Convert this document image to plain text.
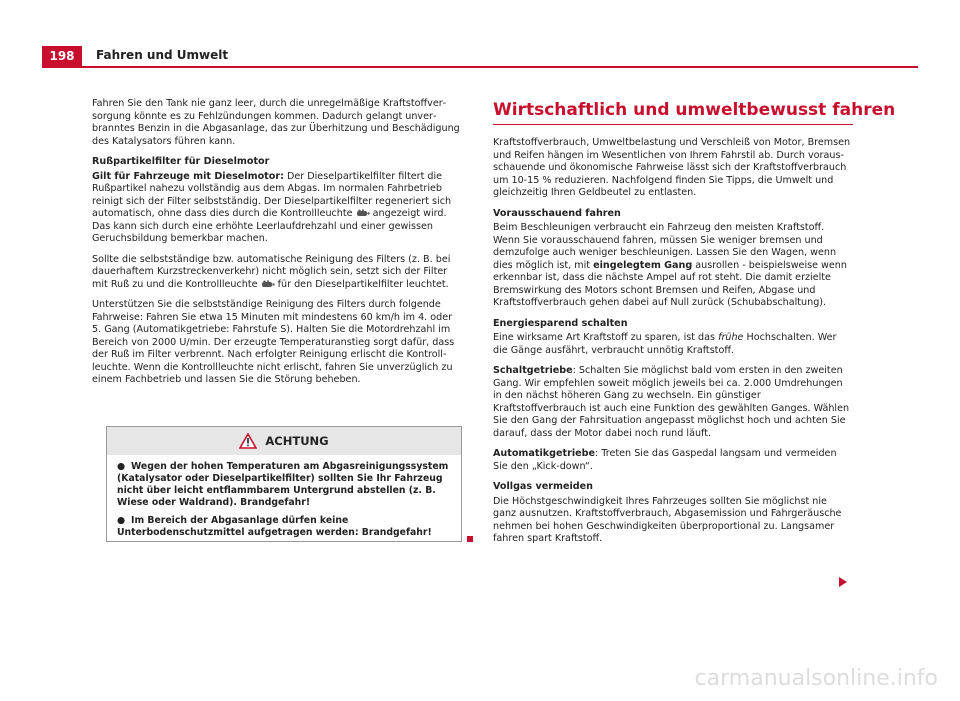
198	Fahren und Umwelt

Fahren Sie den Tank nie ganz leer, durch die unregelmäßige Kraftstoffversorgung könnte es zu Fehlzündungen kommen. Dadurch gelangt unverbranntes Benzin in die Abgasanlage, das zur Überhitzung und Beschädigung des Katalysators führen kann.

Rußpartikelfilter für Dieselmotor

Gilt für Fahrzeuge mit Dieselmotor: Der Dieselpartikelfilter filtert die Rußpartikel nahezu vollständig aus dem Abgas. Im normalen Fahrbetrieb reinigt sich der Filter selbstständig. Der Dieselpartikelfilter regeneriert sich automatisch, ohne dass dies durch die Kontrollleuchte  angezeigt wird. Das kann sich durch eine erhöhte Leerlaufdrehzahl und einer gewissen Geruchsbildung bemerkbar machen.

Sollte die selbstständige bzw. automatische Reinigung des Filters (z. B. bei dauerhaftem Kurzstreckenverkehr) nicht möglich sein, setzt sich der Filter mit Ruß zu und die Kontrollleuchte  für den Dieselpartikelfilter leuchtet.

Unterstützen Sie die selbstständige Reinigung des Filters durch folgende Fahrweise: Fahren Sie etwa 15 Minuten mit mindestens 60 km/h im 4. oder 5. Gang (Automatikgetriebe: Fahrstufe S). Halten Sie die Motordrehzahl im Bereich von 2000 U/min. Der erzeugte Temperaturanstieg sorgt dafür, dass der Ruß im Filter verbrennt. Nach erfolgter Reinigung erlischt die Kontrollleuchte. Wenn die Kontrollleuchte nicht erlischt, fahren Sie unverzüglich zu einem Fachbetrieb und lassen Sie die Störung beheben.

ACHTUNG

● Wegen der hohen Temperaturen am Abgasreinigungssystem (Katalysator oder Dieselpartikelfilter) sollten Sie Ihr Fahrzeug nicht über leicht entflammbarem Untergrund abstellen (z. B. Wiese oder Waldrand). Brandgefahr!

● Im Bereich der Abgasanlage dürfen keine Unterbodenschutzmittel aufgetragen werden: Brandgefahr!

Wirtschaftlich und umweltbewusst fahren

Kraftstoffverbrauch, Umweltbelastung und Verschleiß von Motor, Bremsen und Reifen hängen im Wesentlichen von Ihrem Fahrstil ab. Durch vorausschauende und ökonomische Fahrweise lässt sich der Kraftstoffverbrauch um 10-15 % reduzieren. Nachfolgend finden Sie Tipps, die Umwelt und gleichzeitig Ihren Geldbeutel zu entlasten.

Vorausschauend fahren

Beim Beschleunigen verbraucht ein Fahrzeug den meisten Kraftstoff. Wenn Sie vorausschauend fahren, müssen Sie weniger bremsen und demzufolge auch weniger beschleunigen. Lassen Sie den Wagen, wenn dies möglich ist, mit eingelegtem Gang ausrollen - beispielsweise wenn erkennbar ist, dass die nächste Ampel auf rot steht. Die damit erzielte Bremswirkung des Motors schont Bremsen und Reifen, Abgase und Kraftstoffverbrauch gehen dabei auf Null zurück (Schubabschaltung).

Energiesparend schalten

Eine wirksame Art Kraftstoff zu sparen, ist das frühe Hochschalten. Wer die Gänge ausfährt, verbraucht unnötig Kraftstoff.

Schaltgetriebe: Schalten Sie möglichst bald vom ersten in den zweiten Gang. Wir empfehlen soweit möglich jeweils bei ca. 2.000 Umdrehungen in den nächst höheren Gang zu wechseln. Ein günstiger Kraftstoffverbrauch ist auch eine Funktion des gewählten Ganges. Wählen Sie den Gang der Fahrsituation angepasst möglichst hoch und achten Sie darauf, dass der Motor dabei noch rund läuft.

Automatikgetriebe: Treten Sie das Gaspedal langsam und vermeiden Sie den „Kick-down“.

Vollgas vermeiden

Die Höchstgeschwindigkeit Ihres Fahrzeuges sollten Sie möglichst nie ganz ausnutzen. Kraftstoffverbrauch, Abgasemission und Fahrgeräusche nehmen bei hohen Geschwindigkeiten überproportional zu. Langsamer fahren spart Kraftstoff.

carmanualsonline.info
